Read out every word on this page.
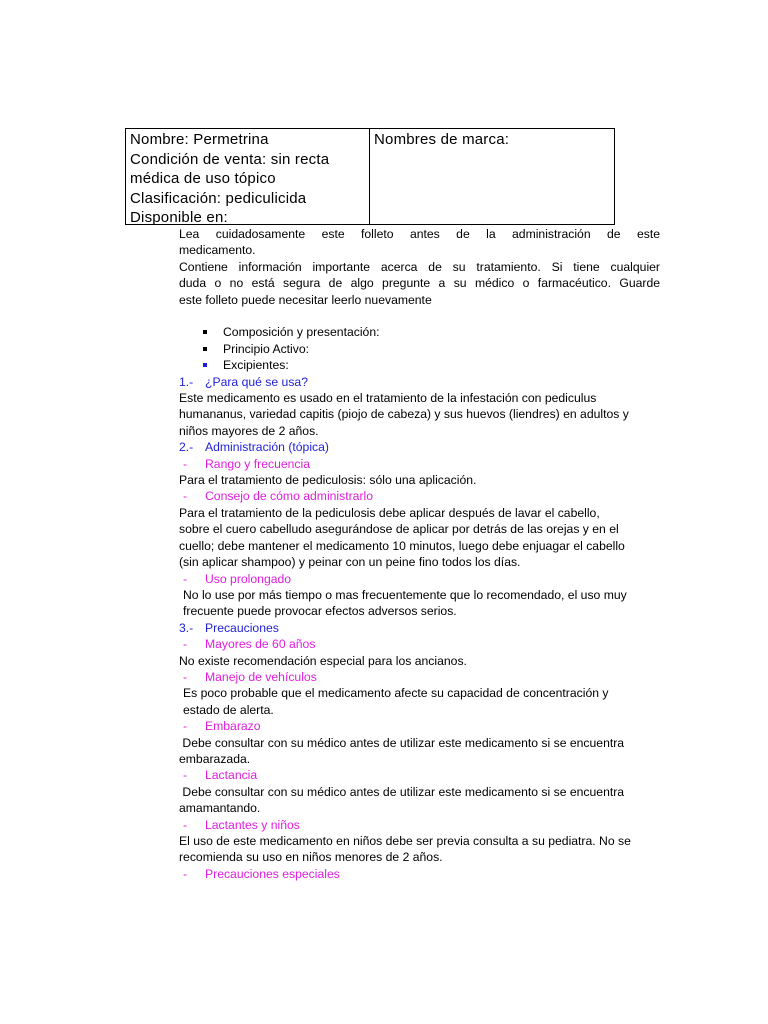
Nombre: Permetrina
Condición de venta: sin recta
médica de uso tópico
Clasificación: pediculicida
Disponible en:
Nombres de marca:

Lea cuidadosamente este folleto antes de la administración de este

medicamento.

Contiene información importante acerca de su tratamiento. Si tiene cualquier

duda o no está segura de algo pregunte a su médico o farmacéutico. Guarde

este folleto puede necesitar leerlo nuevamente

Composición y presentación:
Principio Activo:
Excipientes:

1.- ¿Para qué se usa?

Este medicamento es usado en el tratamiento de la infestación con pediculus

humananus, variedad capitis (piojo de cabeza) y sus huevos (liendres) en adultos y

niños mayores de 2 años.

2.- Administración (tópica)

- Rango y frecuencia

Para el tratamiento de pediculosis: sólo una aplicación.

- Consejo de cómo administrarlo

Para el tratamiento de la pediculosis debe aplicar después de lavar el cabello,

sobre el cuero cabelludo asegurándose de aplicar por detrás de las orejas y en el

cuello; debe mantener el medicamento 10 minutos, luego debe enjuagar el cabello

(sin aplicar shampoo) y peinar con un peine fino todos los días.

- Uso prolongado

No lo use por más tiempo o mas frecuentemente que lo recomendado, el uso muy

frecuente puede provocar efectos adversos serios.

3.- Precauciones

- Mayores de 60 años

No existe recomendación especial para los ancianos.

- Manejo de vehículos

Es poco probable que el medicamento afecte su capacidad de concentración y

estado de alerta.

- Embarazo

Debe consultar con su médico antes de utilizar este medicamento si se encuentra

embarazada.

- Lactancia

Debe consultar con su médico antes de utilizar este medicamento si se encuentra

amamantando.

- Lactantes y niños

El uso de este medicamento en niños debe ser previa consulta a su pediatra. No se

recomienda su uso en niños menores de 2 años.

- Precauciones especiales
